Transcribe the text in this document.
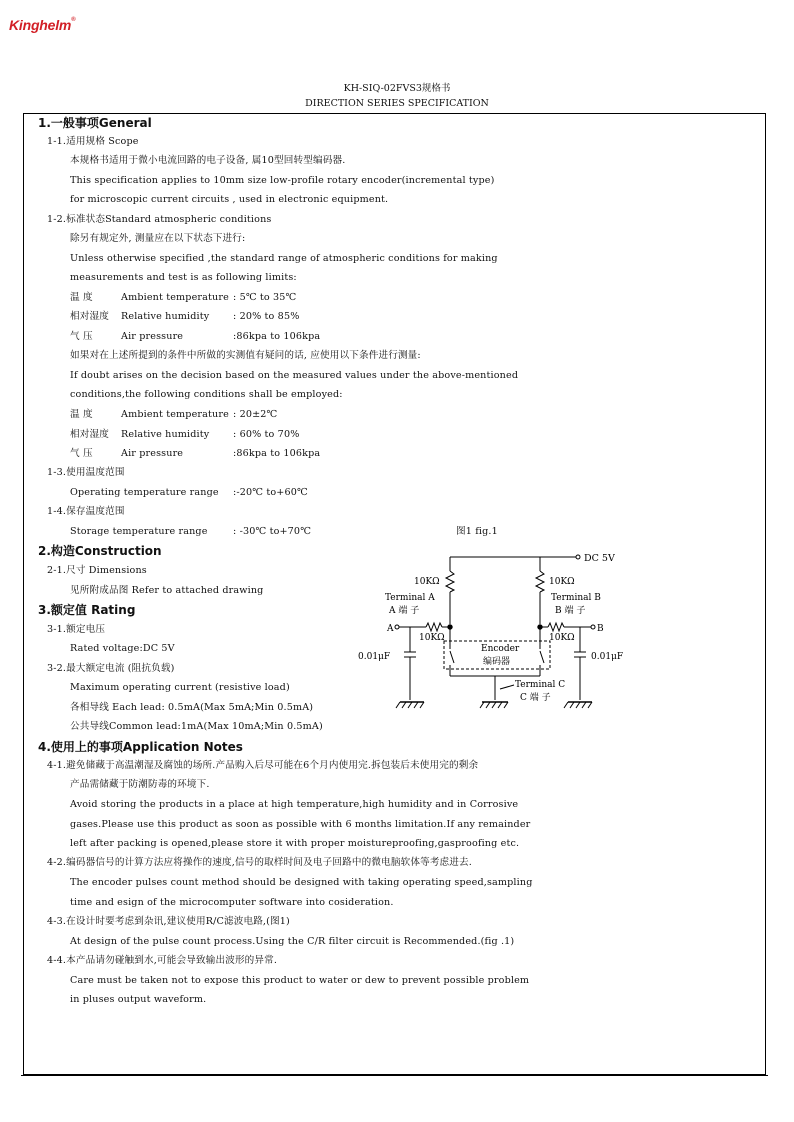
Kinghelm®
KH-SIQ-02FVS3规格书
DIRECTION SERIES SPECIFICATION
1.一般事项General
1-1.适用规格 Scope
本规格书适用于微小电流回路的电子设备, 属10型回转型编码器.
This specification applies to 10mm size low-profile rotary encoder(incremental type)
for microscopic current circuits , used in electronic equipment.
1-2.标准状态Standard atmospheric conditions
除另有规定外, 测量应在以下状态下进行:
Unless otherwise specified ,the standard range of atmospheric conditions for making
measurements and test is as following limits:
温 度	Ambient temperature : 5℃ to 35℃
相对湿度 Relative humidity : 20% to 85%
气 压	Air pressure	:86kpa to 106kpa
如果对在上述所提到的条件中所做的实测值有疑问的话, 应使用以下条件进行测量:
If doubt arises on the decision based on the measured values under the above-mentioned
conditions,the following conditions shall be employed:
温 度	Ambient temperature : 20±2℃
相对湿度 Relative humidity : 60% to 70%
气 压	Air pressure	:86kpa to 106kpa
1-3.使用温度范围
Operating temperature range :-20℃ to+60℃
1-4.保存温度范围
Storage temperature range	: -30℃ to+70℃
2.构造Construction
2-1.尺寸 Dimensions
见所附成品图 Refer to attached drawing
3.额定值 Rating
3-1.额定电压
Rated voltage:DC 5V
3-2.最大额定电流 (阻抗负载)
Maximum operating current (resistive load)
各相导线 Each lead: 0.5mA(Max 5mA;Min 0.5mA)
公共导线Common lead:1mA(Max 10mA;Min 0.5mA)
4.使用上的事项Application Notes
4-1.避免储藏于高温潮湿及腐蚀的场所.产品购入后尽可能在6个月内使用完.拆包装后未使用完的剩余
产品需储藏于防潮防毒的环境下.
Avoid storing the products in a place at high temperature,high humidity and in Corrosive
gases.Please use this product as soon as possible with 6 months limitation.If any remainder
left after packing is opened,please store it with proper moistureproofing,gasproofing etc.
4-2.编码器信号的计算方法应将操作的速度,信号的取样时间及电子回路中的微电脑软体等考虑进去.
The encoder pulses count method should be designed with taking operating speed,sampling
time and esign of the microcomputer software into cosideration.
4-3.在设计时要考虑到杂讯,建议使用R/C滤波电路,(图1)
At design of the pulse count process.Using the C/R filter circuit is Recommended.(fig .1)
4-4.本产品请勿碰触到水,可能会导致输出波形的异常.
Care must be taken not to expose this product to water or dew to prevent possible problem
in pluses output waveform.
图1 fig.1
DC 5V
10KΩ
Terminal A
A 端 子
10KΩ
Terminal B
B 端 子
A
10KΩ
B
10KΩ
0.01μF	0.01μF
Encoder
编码器
Terminal C
C 端 子
